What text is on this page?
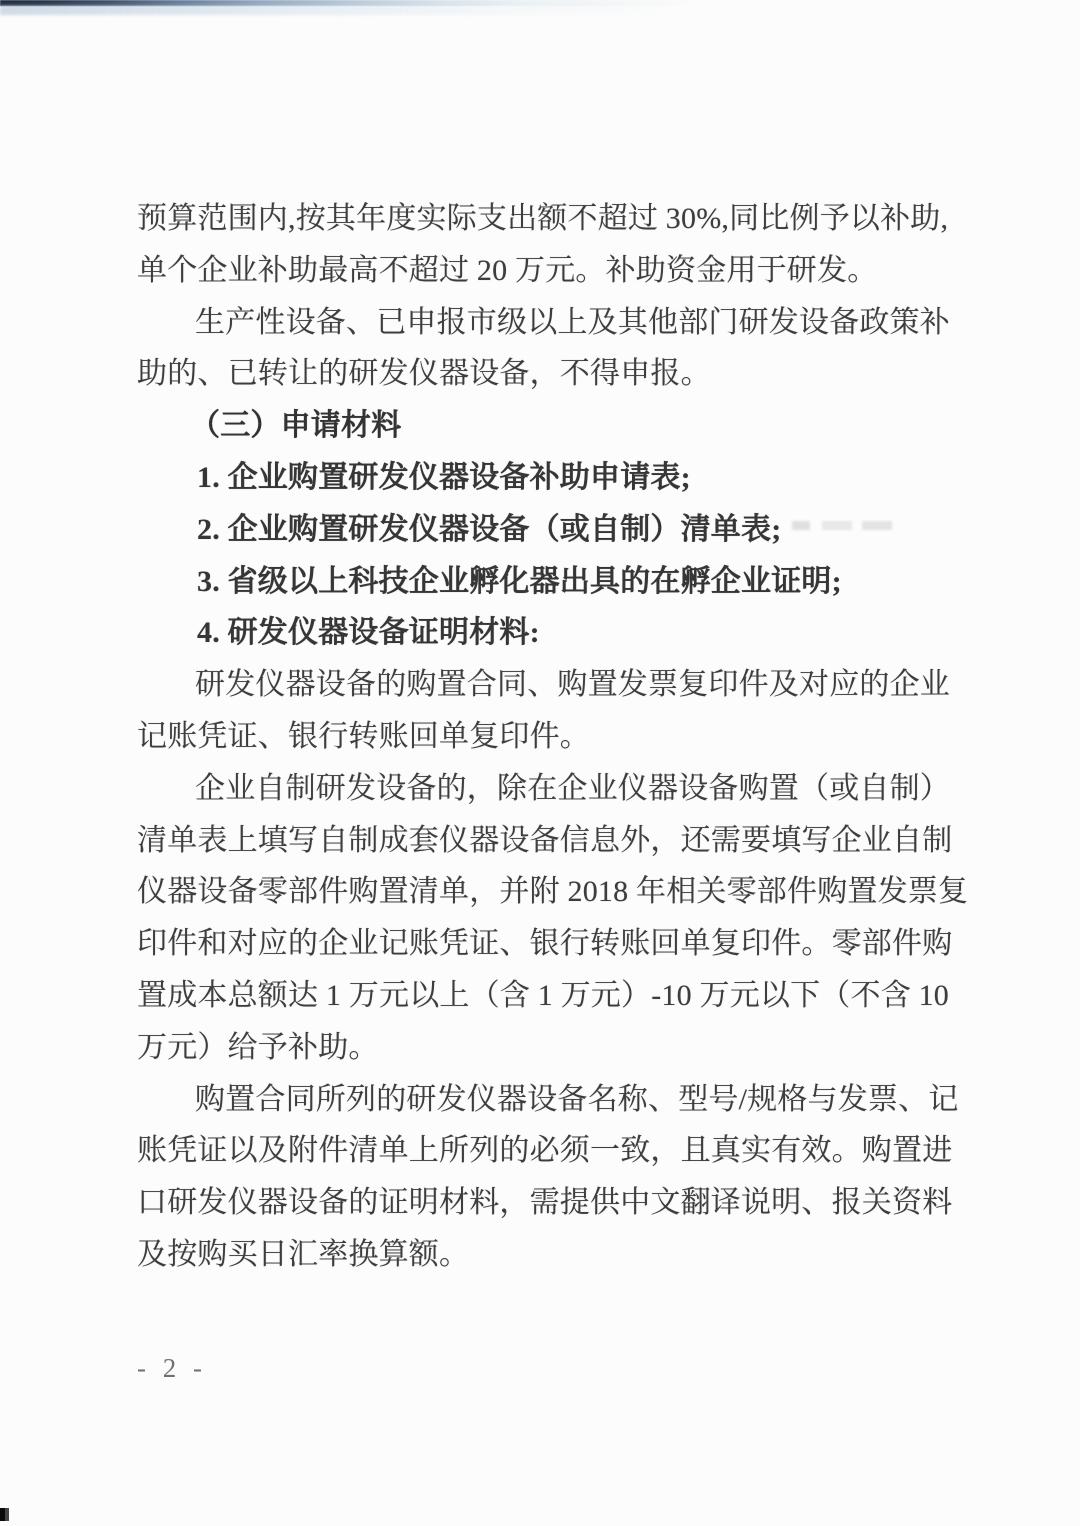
预算范围内,按其年度实际支出额不超过 30%,同比例予以补助,
单个企业补助最高不超过 20 万元。补助资金用于研发。
生产性设备、已申报市级以上及其他部门研发设备政策补
助的、已转让的研发仪器设备，不得申报。
（三）申请材料
1. 企业购置研发仪器设备补助申请表;
2. 企业购置研发仪器设备（或自制）清单表;
3. 省级以上科技企业孵化器出具的在孵企业证明;
4. 研发仪器设备证明材料:
研发仪器设备的购置合同、购置发票复印件及对应的企业
记账凭证、银行转账回单复印件。
企业自制研发设备的，除在企业仪器设备购置（或自制）
清单表上填写自制成套仪器设备信息外，还需要填写企业自制
仪器设备零部件购置清单，并附 2018 年相关零部件购置发票复
印件和对应的企业记账凭证、银行转账回单复印件。零部件购
置成本总额达 1 万元以上（含 1 万元）-10 万元以下（不含 10
万元）给予补助。
购置合同所列的研发仪器设备名称、型号/规格与发票、记
账凭证以及附件清单上所列的必须一致，且真实有效。购置进
口研发仪器设备的证明材料，需提供中文翻译说明、报关资料
及按购买日汇率换算额。
- 2 -
